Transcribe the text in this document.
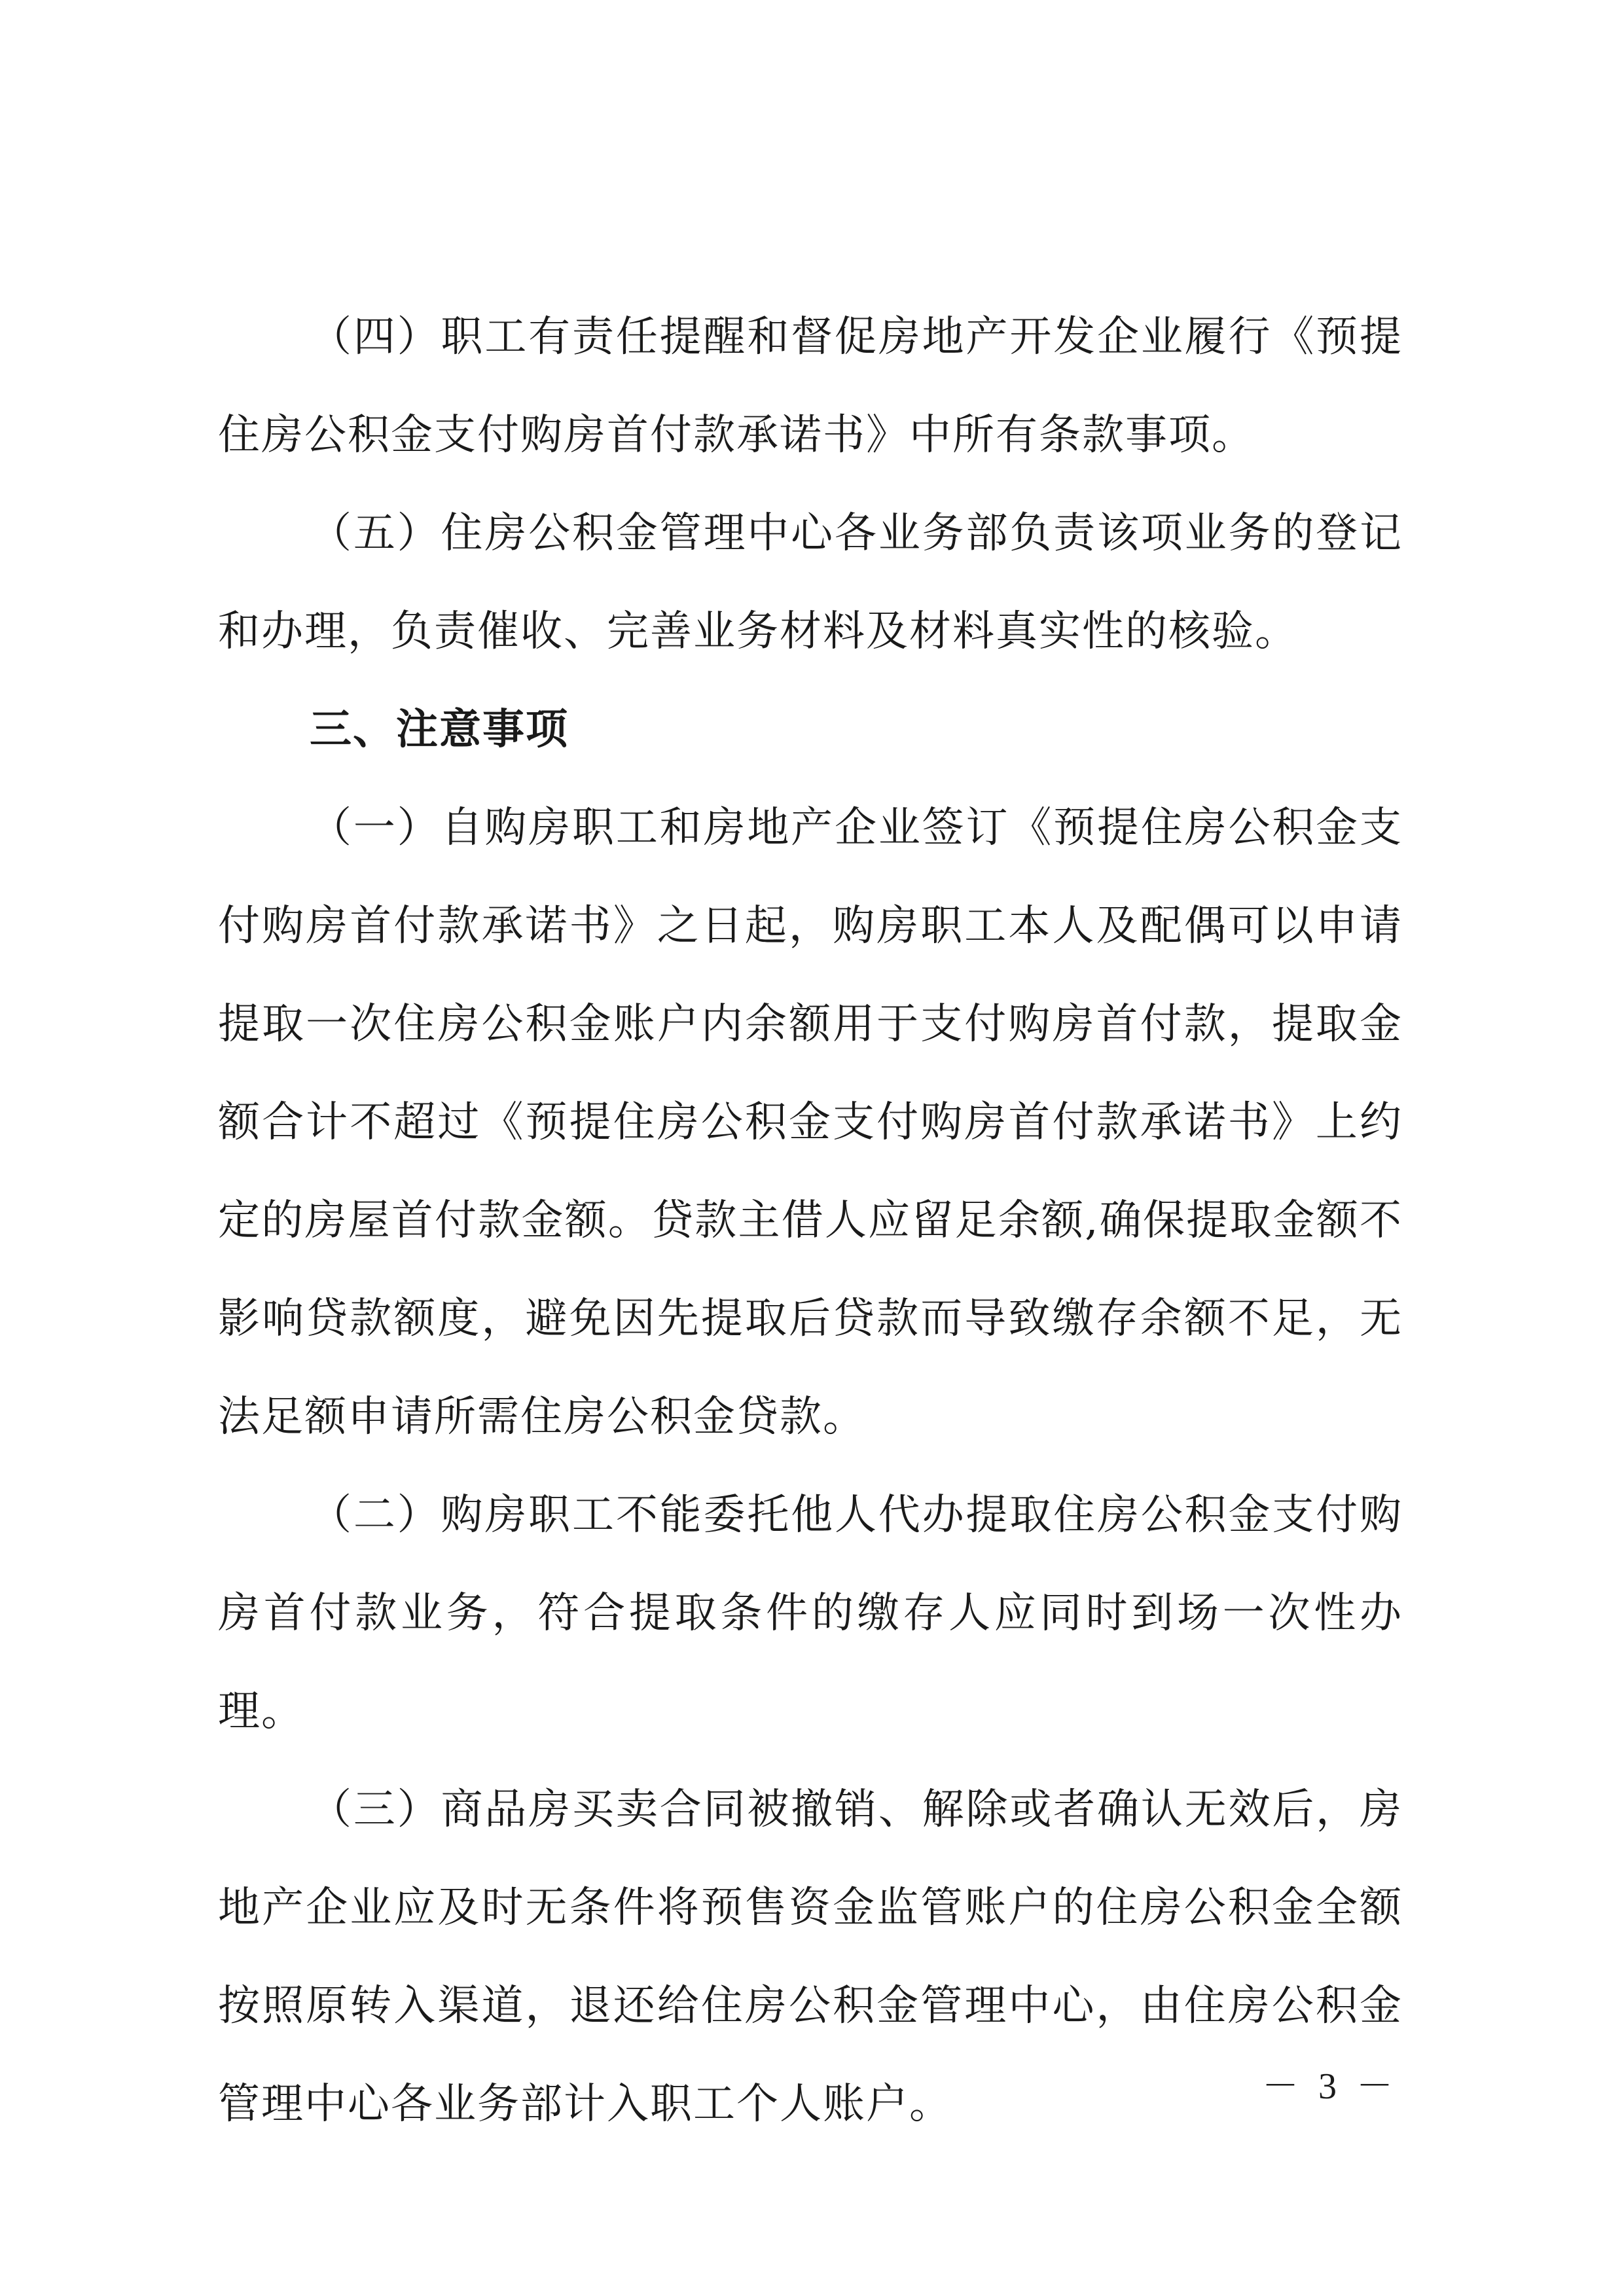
（四）职工有责任提醒和督促房地产开发企业履行《预提住房公积金支付购房首付款承诺书》中所有条款事项。

（五）住房公积金管理中心各业务部负责该项业务的登记和办理，负责催收、完善业务材料及材料真实性的核验。

三、注意事项

（一）自购房职工和房地产企业签订《预提住房公积金支付购房首付款承诺书》之日起，购房职工本人及配偶可以申请提取一次住房公积金账户内余额用于支付购房首付款，提取金额合计不超过《预提住房公积金支付购房首付款承诺书》上约定的房屋首付款金额。贷款主借人应留足余额,确保提取金额不影响贷款额度，避免因先提取后贷款而导致缴存余额不足，无法足额申请所需住房公积金贷款。

（二）购房职工不能委托他人代办提取住房公积金支付购房首付款业务，符合提取条件的缴存人应同时到场一次性办理。

（三）商品房买卖合同被撤销、解除或者确认无效后，房地产企业应及时无条件将预售资金监管账户的住房公积金全额按照原转入渠道，退还给住房公积金管理中心，由住房公积金管理中心各业务部计入职工个人账户。	－ 3 －
